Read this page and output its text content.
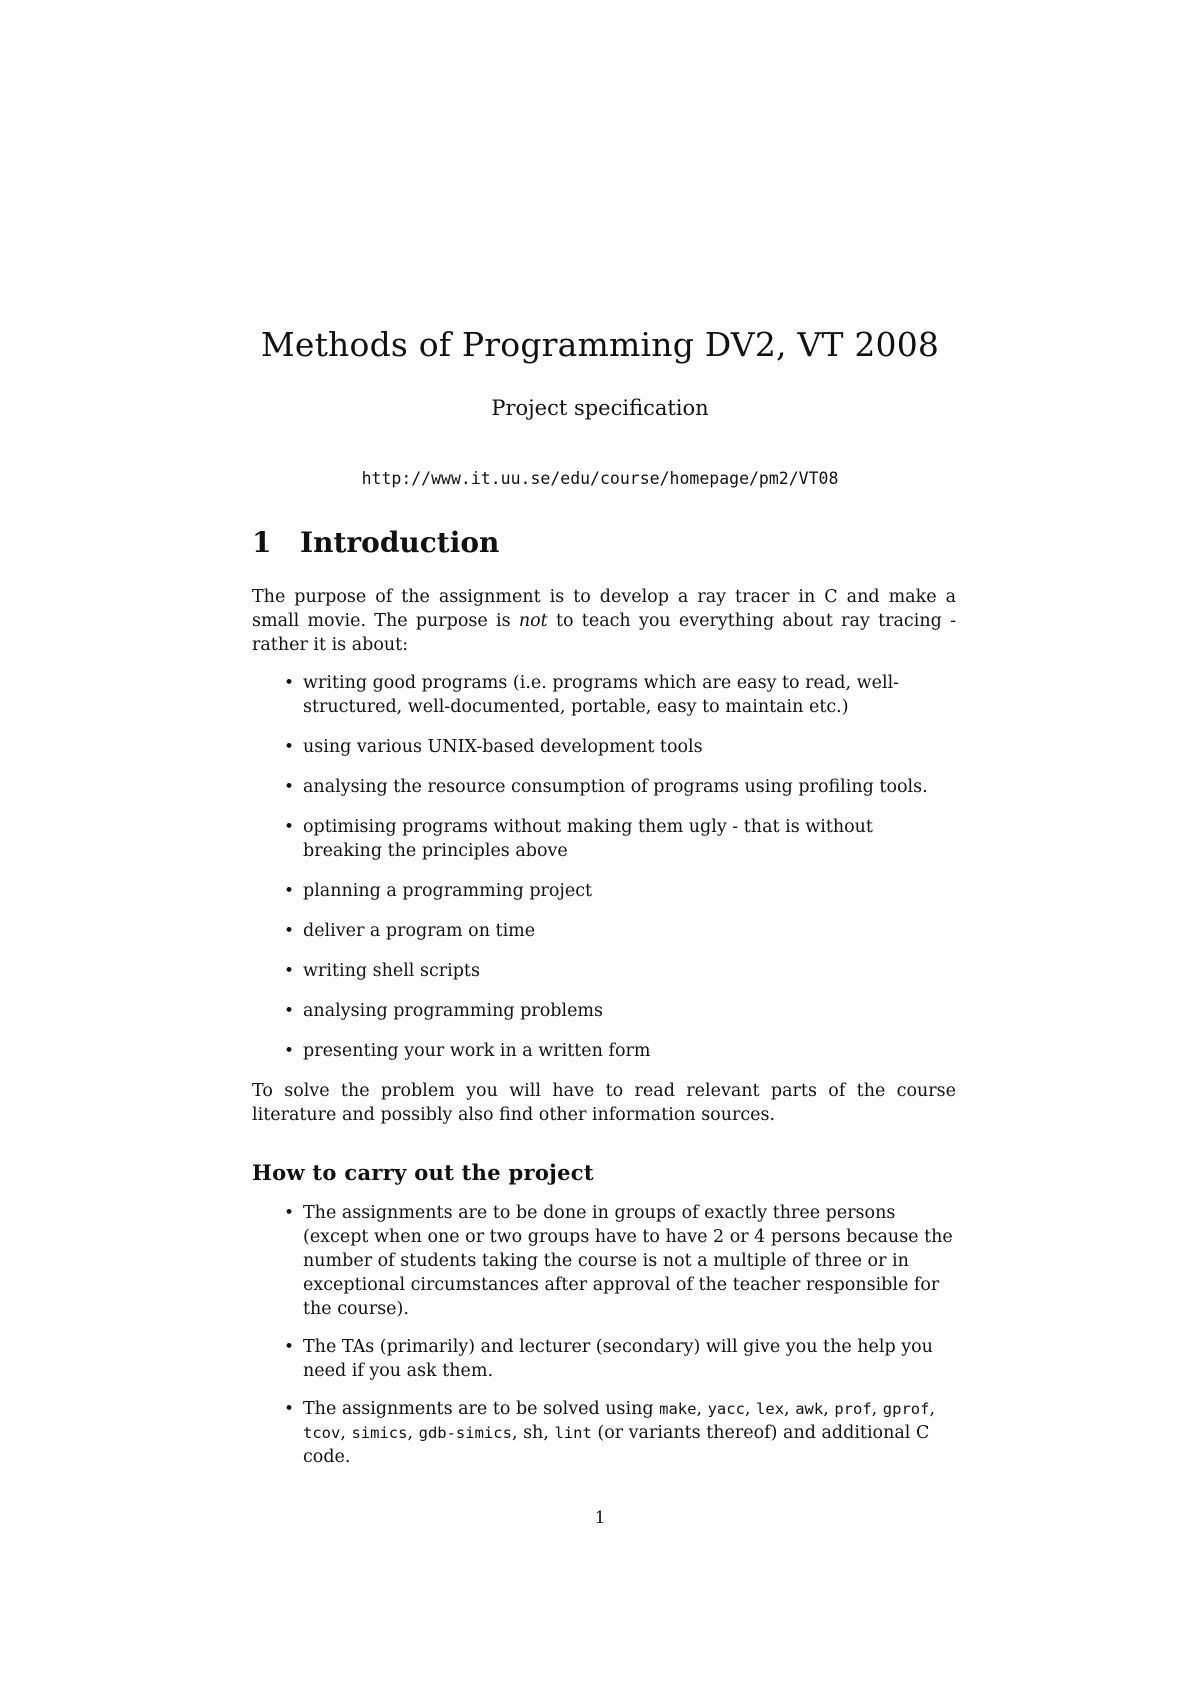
Methods of Programming DV2, VT 2008

Project specification

http://www.it.uu.se/edu/course/homepage/pm2/VT08

1 Introduction

The purpose of the assignment is to develop a ray tracer in C and make a small movie. The purpose is not to teach you everything about ray tracing - rather it is about:

• writing good programs (i.e. programs which are easy to read, well-structured, well-documented, portable, easy to maintain etc.)
• using various UNIX-based development tools
• analysing the resource consumption of programs using profiling tools.
• optimising programs without making them ugly - that is without breaking the principles above
• planning a programming project
• deliver a program on time
• writing shell scripts
• analysing programming problems
• presenting your work in a written form

To solve the problem you will have to read relevant parts of the course literature and possibly also find other information sources.

How to carry out the project
• The assignments are to be done in groups of exactly three persons (except when one or two groups have to have 2 or 4 persons because the number of students taking the course is not a multiple of three or in exceptional circumstances after approval of the teacher responsible for the course).
• The TAs (primarily) and lecturer (secondary) will give you the help you need if you ask them.
• The assignments are to be solved using make, yacc, lex, awk, prof, gprof, tcov, simics, gdb-simics, sh, lint (or variants thereof) and additional C code.
1
